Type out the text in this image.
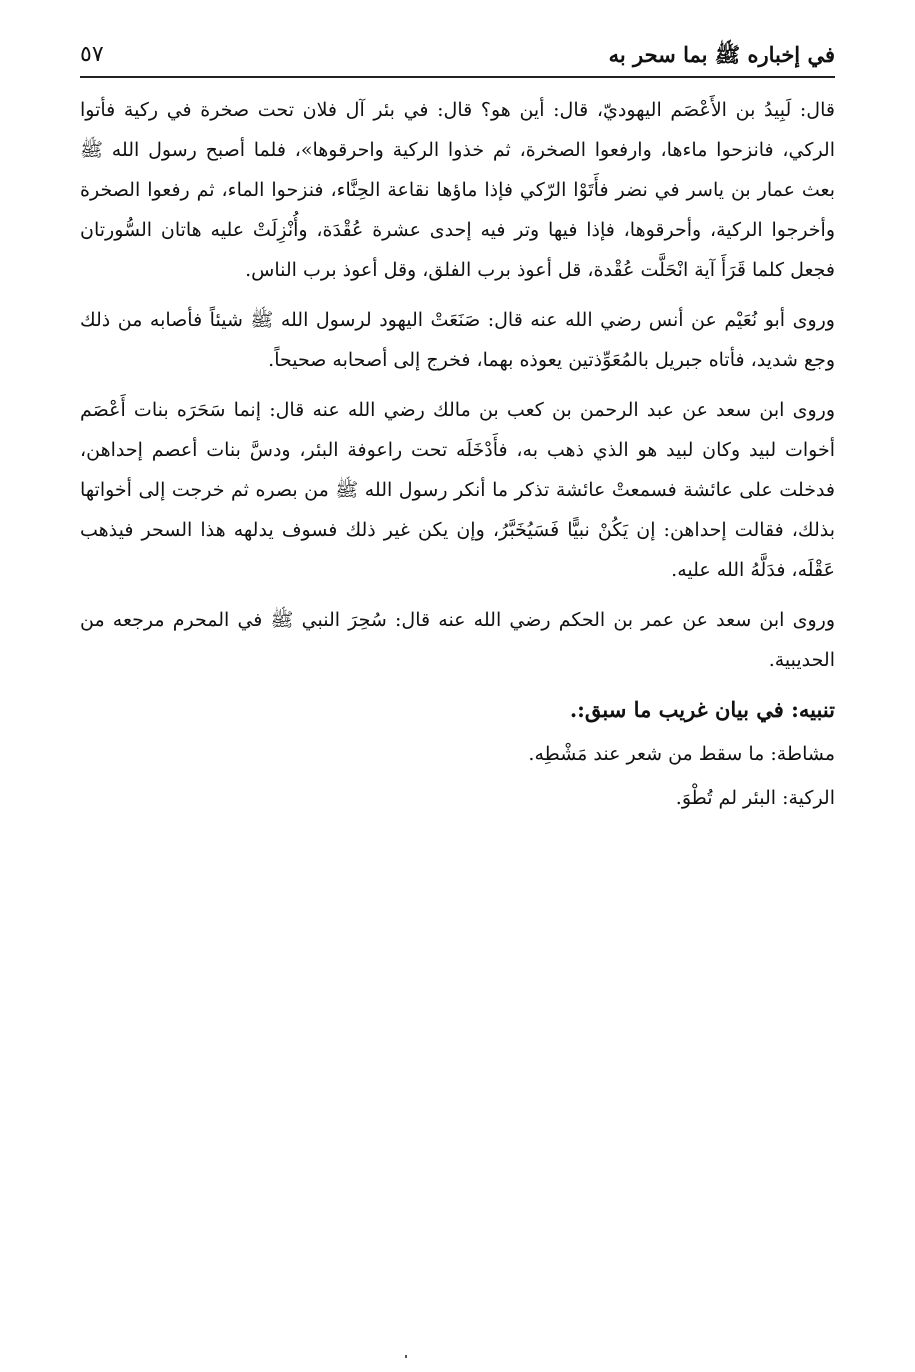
في إخباره ﷺ بما سحر به
٥٧

قال: لَبِيدُ بن الأَعْصَم اليهوديّ، قال: أين هو؟ قال: في بئر آل فلان تحت صخرة في ركية فأتوا الركي، فانزحوا ماءها، وارفعوا الصخرة، ثم خذوا الركية واحرقوها»، فلما أصبح رسول الله ﷺ بعث عمار بن ياسر في نضر فأَتَوْا الرّكي فإذا ماؤها نقاعة الحِنَّاء، فنزحوا الماء، ثم رفعوا الصخرة وأخرجوا الركية، وأحرقوها، فإذا فيها وتر فيه إحدى عشرة عُقْدَة، وأُنْزِلَتْ عليه هاتان السُّورتان فجعل كلما قَرَأَ آية انْحَلَّت عُقْدة، قل أعوذ برب الفلق، وقل أعوذ برب الناس.

وروى أبو نُعَيْم عن أنس رضي الله عنه قال: صَنَعَتْ اليهود لرسول الله ﷺ شيئاً فأصابه من ذلك وجع شديد، فأتاه جبريل بالمُعَوِّذتين يعوذه بهما، فخرج إلى أصحابه صحيحاً.

وروى ابن سعد عن عبد الرحمن بن كعب بن مالك رضي الله عنه قال: إنما سَحَرَه بنات أَعْصَم أخوات لبيد وكان لبيد هو الذي ذهب به، فأَدْخَلَه تحت راعوفة البئر، ودسَّ بنات أعصم إحداهن، فدخلت على عائشة فسمعتْ عائشة تذكر ما أنكر رسول الله ﷺ من بصره ثم خرجت إلى أخواتها بذلك، فقالت إحداهن: إن يَكُنْ نبيًّا فَسَيُخَبَّرُ، وإن يكن غير ذلك فسوف يدلهه هذا السحر فيذهب عَقْلَه، فدَلَّهُ الله عليه.

وروى ابن سعد عن عمر بن الحكم رضي الله عنه قال: سُحِرَ النبي ﷺ في المحرم مرجعه من الحديبية.

تنبيه: في بيان غريب ما سبق:.

مشاطة: ما سقط من شعر عند مَشْطِه.

الركية: البئر لم تُطْوَ.
